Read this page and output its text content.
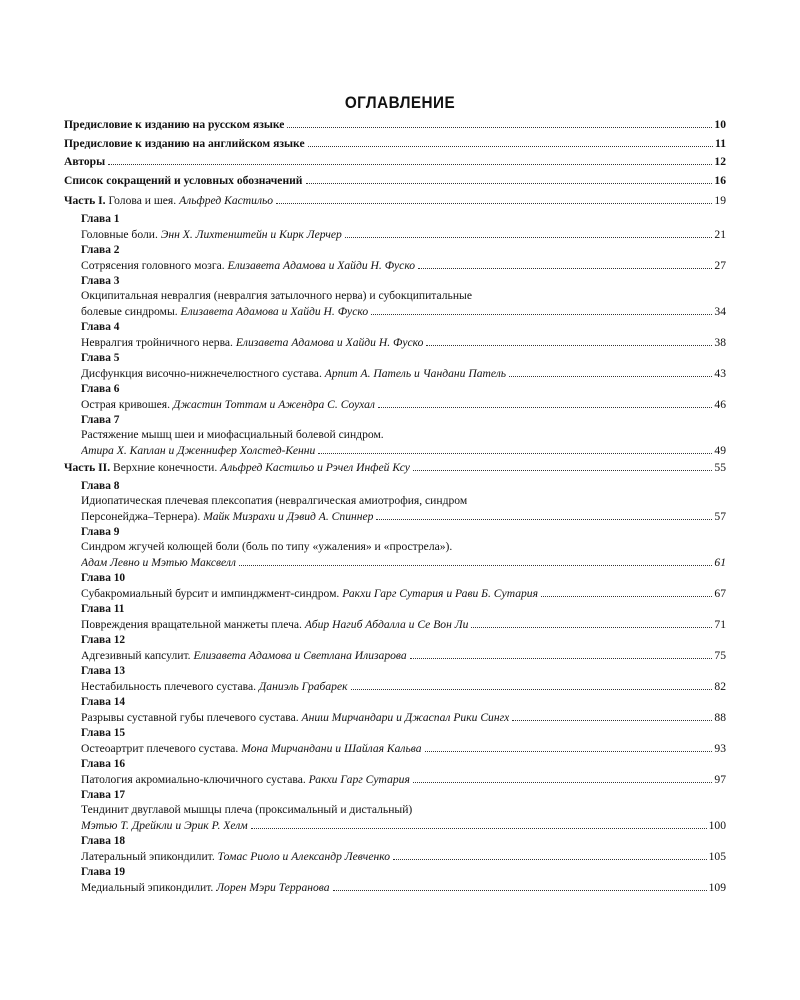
ОГЛАВЛЕНИЕ
Предисловие к изданию на русском языке	10
Предисловие к изданию на английском языке	11
Авторы	12
Список сокращений и условных обозначений	16
Часть I. Голова и шея. Альфред Кастильо	19
Глава 1
Головные боли. Энн Х. Лихтенштейн и Кирк Лерчер	21
Глава 2
Сотрясения головного мозга. Елизавета Адамова и Хайди Н. Фуско	27
Глава 3
Окципитальная невралгия (невралгия затылочного нерва) и субокципитальные
болевые синдромы. Елизавета Адамова и Хайди Н. Фуско	34
Глава 4
Невралгия тройничного нерва. Елизавета Адамова и Хайди Н. Фуско	38
Глава 5
Дисфункция височно-нижнечелюстного сустава. Арпит А. Патель и Чандани Патель	43
Глава 6
Острая кривошея. Джастин Тоттам и Ажендра С. Соухал	46
Глава 7
Растяжение мышц шеи и миофасциальный болевой синдром.
Атира Х. Каплан и Дженнифер Холстед-Кенни	49
Часть II. Верхние конечности. Альфред Кастильо и Рэчел Инфей Ксу	55
Глава 8
Идиопатическая плечевая плексопатия (невралгическая амиотрофия, синдром
Персонейджа–Тернера). Майк Мизрахи и Дэвид А. Спиннер	57
Глава 9
Синдром жгучей колющей боли (боль по типу «ужаления» и «прострела»).
Адам Левно и Мэтью Максвелл	61
Глава 10
Субакромиальный бурсит и импинджмент-синдром. Ракхи Гарг Сутария и Рави Б. Сутария	67
Глава 11
Повреждения вращательной манжеты плеча. Абир Нагиб Абдалла и Се Вон Ли	71
Глава 12
Адгезивный капсулит. Елизавета Адамова и Светлана Илизарова	75
Глава 13
Нестабильность плечевого сустава. Даниэль Грабарек	82
Глава 14
Разрывы суставной губы плечевого сустава. Аниш Мирчандари и Джаспал Рики Сингх	88
Глава 15
Остеоартрит плечевого сустава. Мона Мирчандани и Шайлая Кальва	93
Глава 16
Патология акромиально-ключичного сустава. Ракхи Гарг Сутария	97
Глава 17
Тендинит двуглавой мышцы плеча (проксимальный и дистальный)
Мэтью Т. Дрейкли и Эрик Р. Хелм	100
Глава 18
Латеральный эпикондилит. Томас Риоло и Александр Левченко	105
Глава 19
Медиальный эпикондилит. Лорен Мэри Терранова	109
